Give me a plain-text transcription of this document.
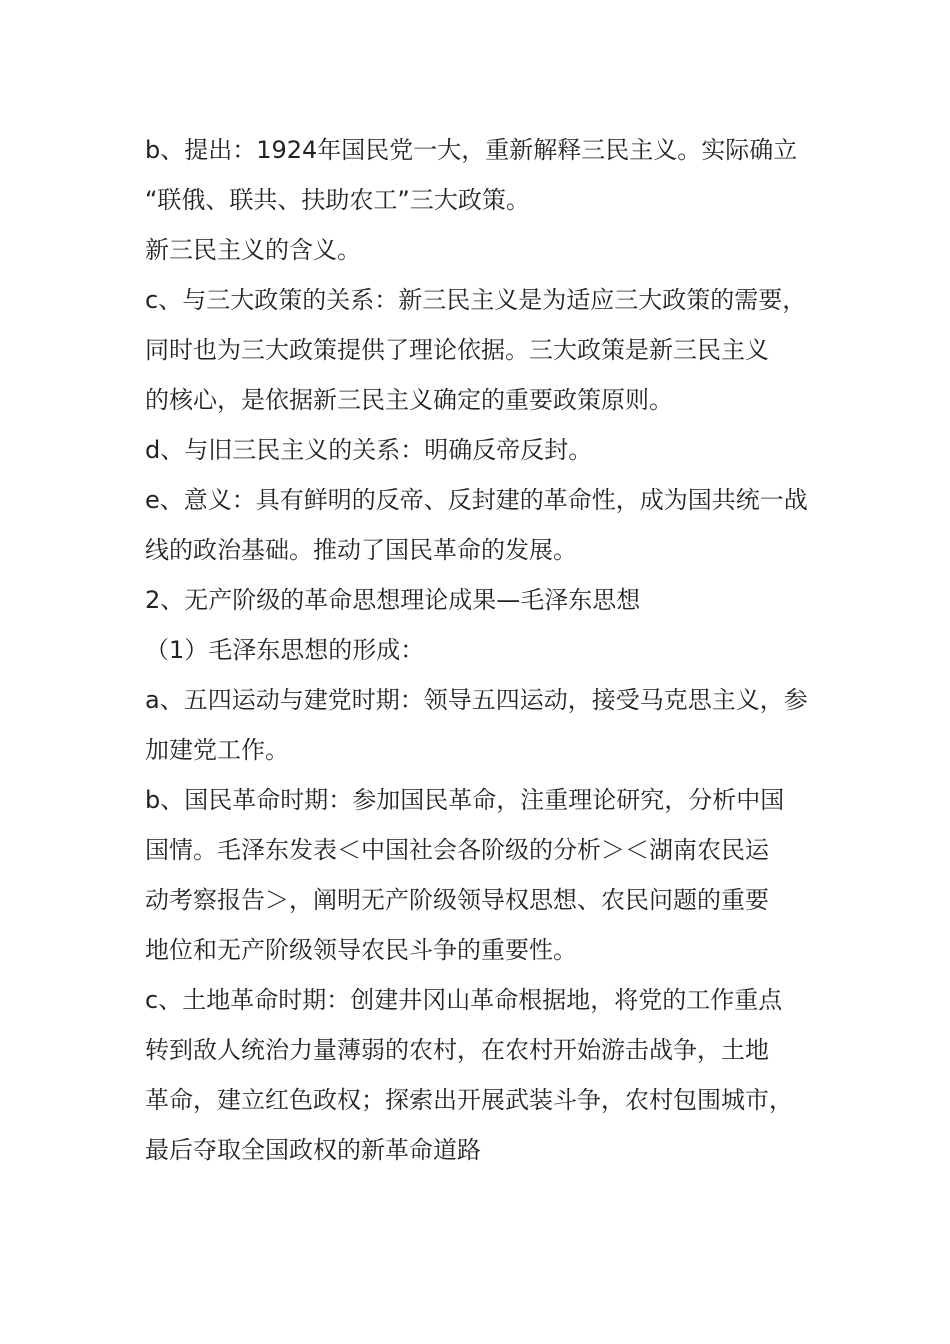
b、提出：1924年国民党一大，重新解释三民主义。实际确立
“联俄、联共、扶助农工”三大政策。
新三民主义的含义。
c、与三大政策的关系：新三民主义是为适应三大政策的需要，
同时也为三大政策提供了理论依据。三大政策是新三民主义
的核心，是依据新三民主义确定的重要政策原则。
d、与旧三民主义的关系：明确反帝反封。
e、意义：具有鲜明的反帝、反封建的革命性，成为国共统一战
线的政治基础。推动了国民革命的发展。
2、无产阶级的革命思想理论成果—毛泽东思想
（1）毛泽东思想的形成：
a、五四运动与建党时期：领导五四运动，接受马克思主义，参
加建党工作。
b、国民革命时期：参加国民革命，注重理论研究，分析中国
国情。毛泽东发表＜中国社会各阶级的分析＞＜湖南农民运
动考察报告＞，阐明无产阶级领导权思想、农民问题的重要
地位和无产阶级领导农民斗争的重要性。
c、土地革命时期：创建井冈山革命根据地，将党的工作重点
转到敌人统治力量薄弱的农村，在农村开始游击战争，土地
革命，建立红色政权；探索出开展武装斗争，农村包围城市，
最后夺取全国政权的新革命道路
